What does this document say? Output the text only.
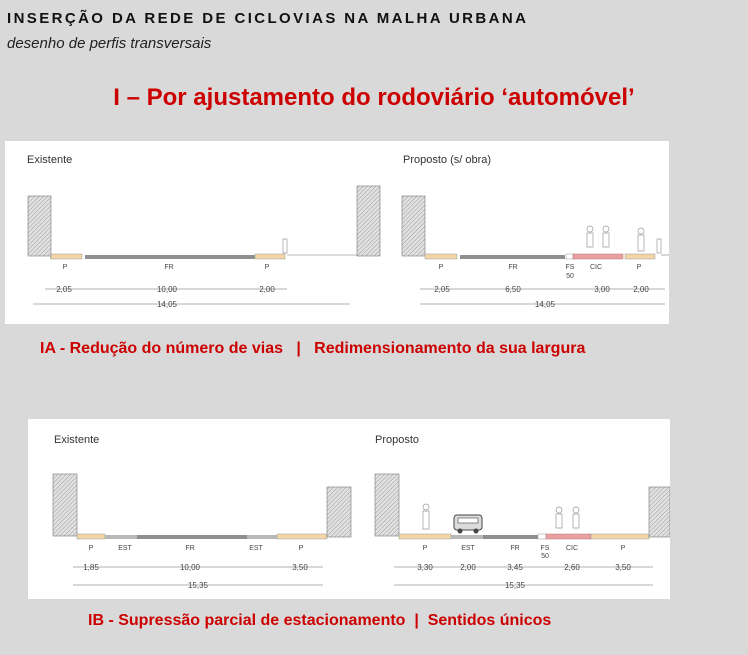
INSERÇÃO DA REDE DE CICLOVIAS NA MALHA URBANA
desenho de perfis transversais
I – Por ajustamento do rodoviário ‘automóvel’
Existente
P	FR	P
2,05	10,00	2,00
14,05
Proposto (s/ obra)
P	FR	FS
50
CIC	P
2,05	6,50	3,00	2,00
14,05
IA - Redução do número de vias   |   Redimensionamento da sua largura
Existente
P	EST	FR	EST	P
1,85	10,00	3,50
15,35
Proposto
P	EST	FR	FS
50
CIC	P
3,30	2,00	3,45	2,60	3,50
15,35
IB - Supressão parcial de estacionamento  |  Sentidos únicos
